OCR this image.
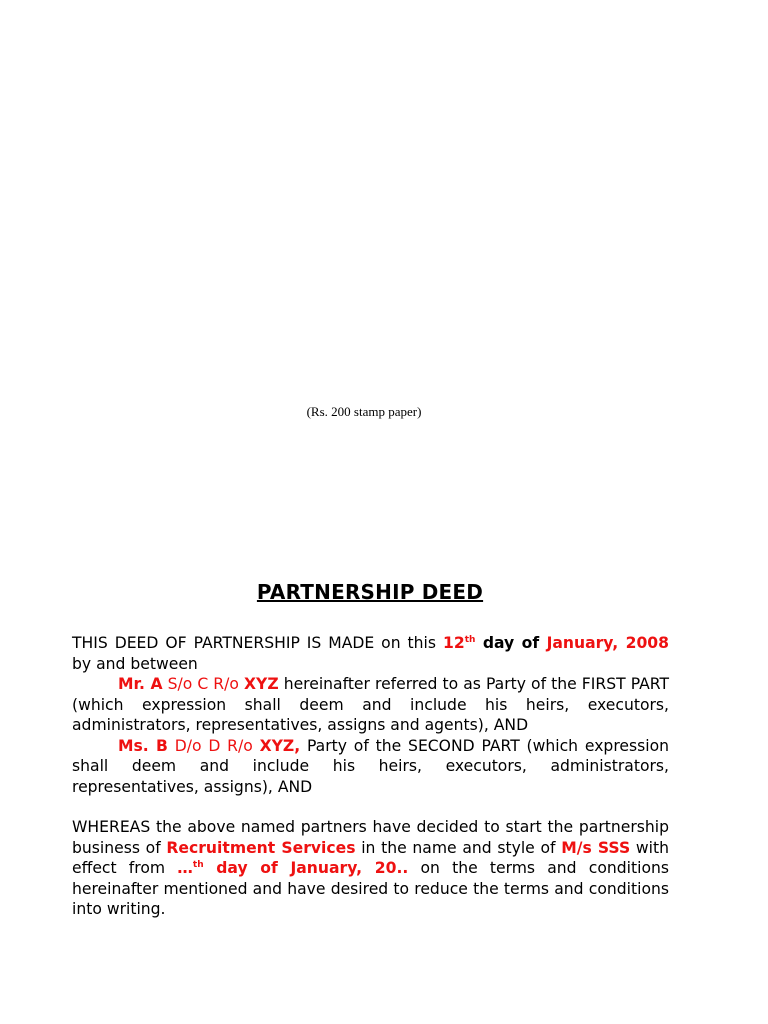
(Rs. 200 stamp paper)
PARTNERSHIP DEED

THIS DEED OF PARTNERSHIP IS MADE on this 12th day of January, 2008 by and between

Mr. A S/o C R/o XYZ hereinafter referred to as Party of the FIRST PART (which expression shall deem and include his heirs, executors, administrators, representatives, assigns and agents), AND

Ms. B D/o D R/o XYZ, Party of the SECOND PART (which expression shall deem and include his heirs, executors, administrators, representatives, assigns), AND

WHEREAS the above named partners have decided to start the partnership business of Recruitment Services in the name and style of M/s SSS with effect from …$^{th}$ day of January, 20.. on the terms and conditions hereinafter mentioned and have desired to reduce the terms and conditions into writing.
